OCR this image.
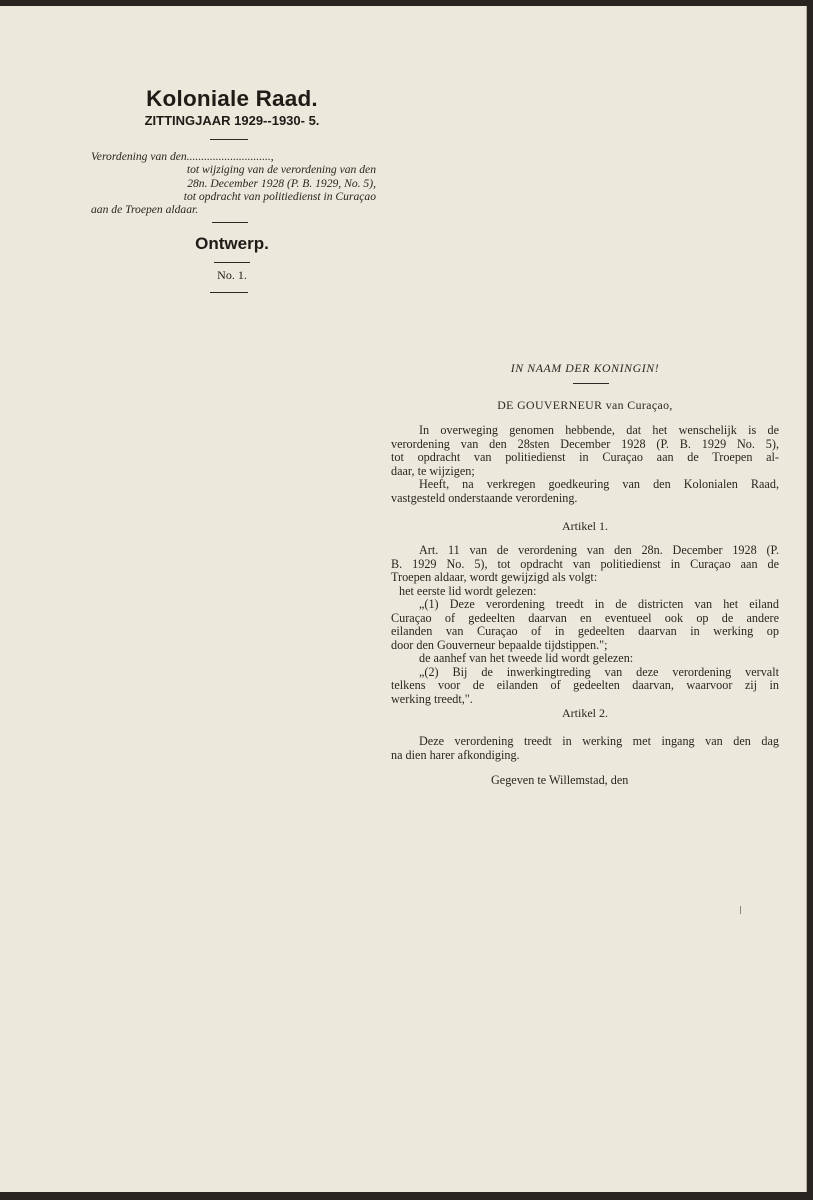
Koloniale Raad.
ZITTINGJAAR 1929--1930- 5.
Verordening van den.............................,
tot wijziging van de verordening van den
28n. December 1928 (P. B. 1929, No. 5),
tot opdracht van politiedienst in Curaçao
aan de Troepen aldaar.
Ontwerp.
No. 1.
IN NAAM DER KONINGIN!
DE GOUVERNEUR van Curaçao,
In overweging genomen hebbende, dat het wenschelijk is de
verordening van den 28sten December 1928 (P. B. 1929 No. 5),
tot opdracht van politiedienst in Curaçao aan de Troepen al-
daar, te wijzigen;
Heeft, na verkregen goedkeuring van den Kolonialen Raad,
vastgesteld onderstaande verordening.
Artikel 1.
Art. 11 van de verordening van den 28n. December 1928 (P.
B. 1929 No. 5), tot opdracht van politiedienst in Curaçao aan de
Troepen aldaar, wordt gewijzigd als volgt:
het eerste lid wordt gelezen:
„(1) Deze verordening treedt in de districten van het eiland
Curaçao of gedeelten daarvan en eventueel ook op de andere
eilanden van Curaçao of in gedeelten daarvan in werking op
door den Gouverneur bepaalde tijdstippen.";
de aanhef van het tweede lid wordt gelezen:
„(2) Bij de inwerkingtreding van deze verordening vervalt
telkens voor de eilanden of gedeelten daarvan, waarvoor zij in
werking treedt,".
Artikel 2.
Deze verordening treedt in werking met ingang van den dag
na dien harer afkondiging.
Gegeven te Willemstad, den
